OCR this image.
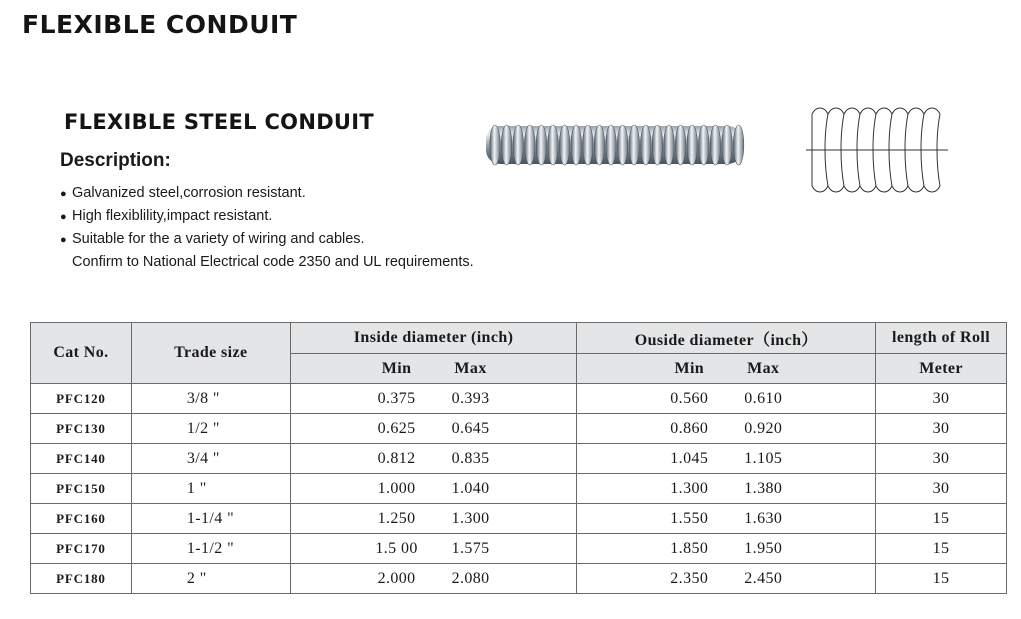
FLEXIBLE CONDUIT
FLEXIBLE STEEL CONDUIT
Description:
● Galvanized steel,corrosion resistant.
● High flexiblility,impact resistant.
● Suitable for the a variety of wiring and cables.
Confirm to National Electrical code 2350 and UL requirements.
Cat No.	Trade size	Inside diameter (inch)	Ouside diameter（inch）	length of Roll

		Min Max	Min Max	Meter
PFC120	3/8 "	0.375 0.393	0.560 0.610	30
PFC130	1/2 "	0.625 0.645	0.860 0.920	30
PFC140	3/4 "	0.812 0.835	1.045 1.105	30
PFC150	1 "	1.000 1.040	1.300 1.380	30
PFC160	1-1/4 "	1.250 1.300	1.550 1.630	15
PFC170	1-1/2 "	1.5 00 1.575	1.850 1.950	15
PFC180	2 "	2.000 2.080	2.350 2.450	15
